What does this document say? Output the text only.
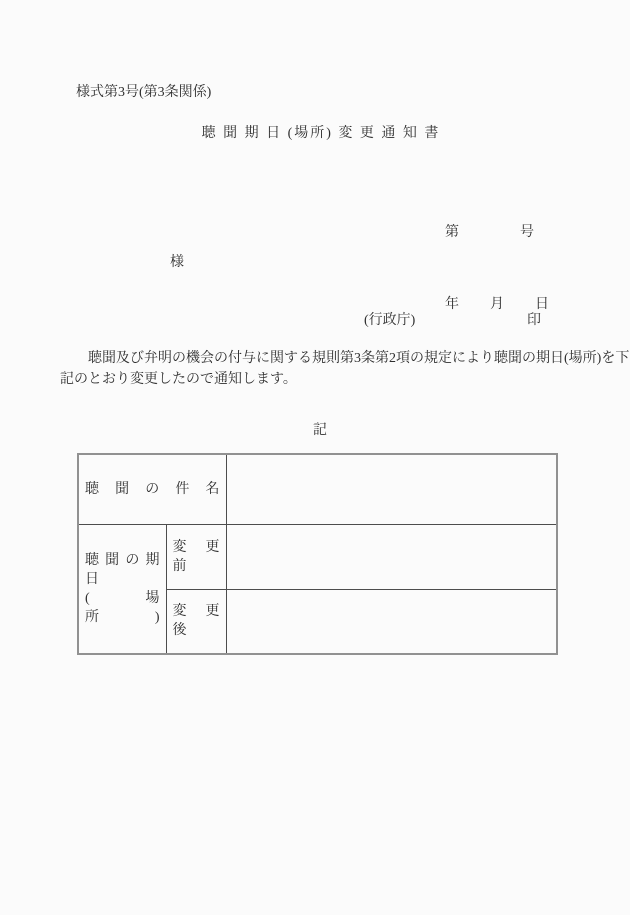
様式第3号(第3条関係)
聴 聞 期 日 (場所) 変 更 通 知 書

第　　　　号

年　　月　　日

様
(行政庁)	印
聴聞及び弁明の機会の付与に関する規則第3条第2項の規定により聴聞の期日(場所)を下
記のとおり変更したので通知します。
記
聴 聞 の 件 名		

聴 聞 の 期 日
(場　　　所)	変 更 前	

	変 更 後	
